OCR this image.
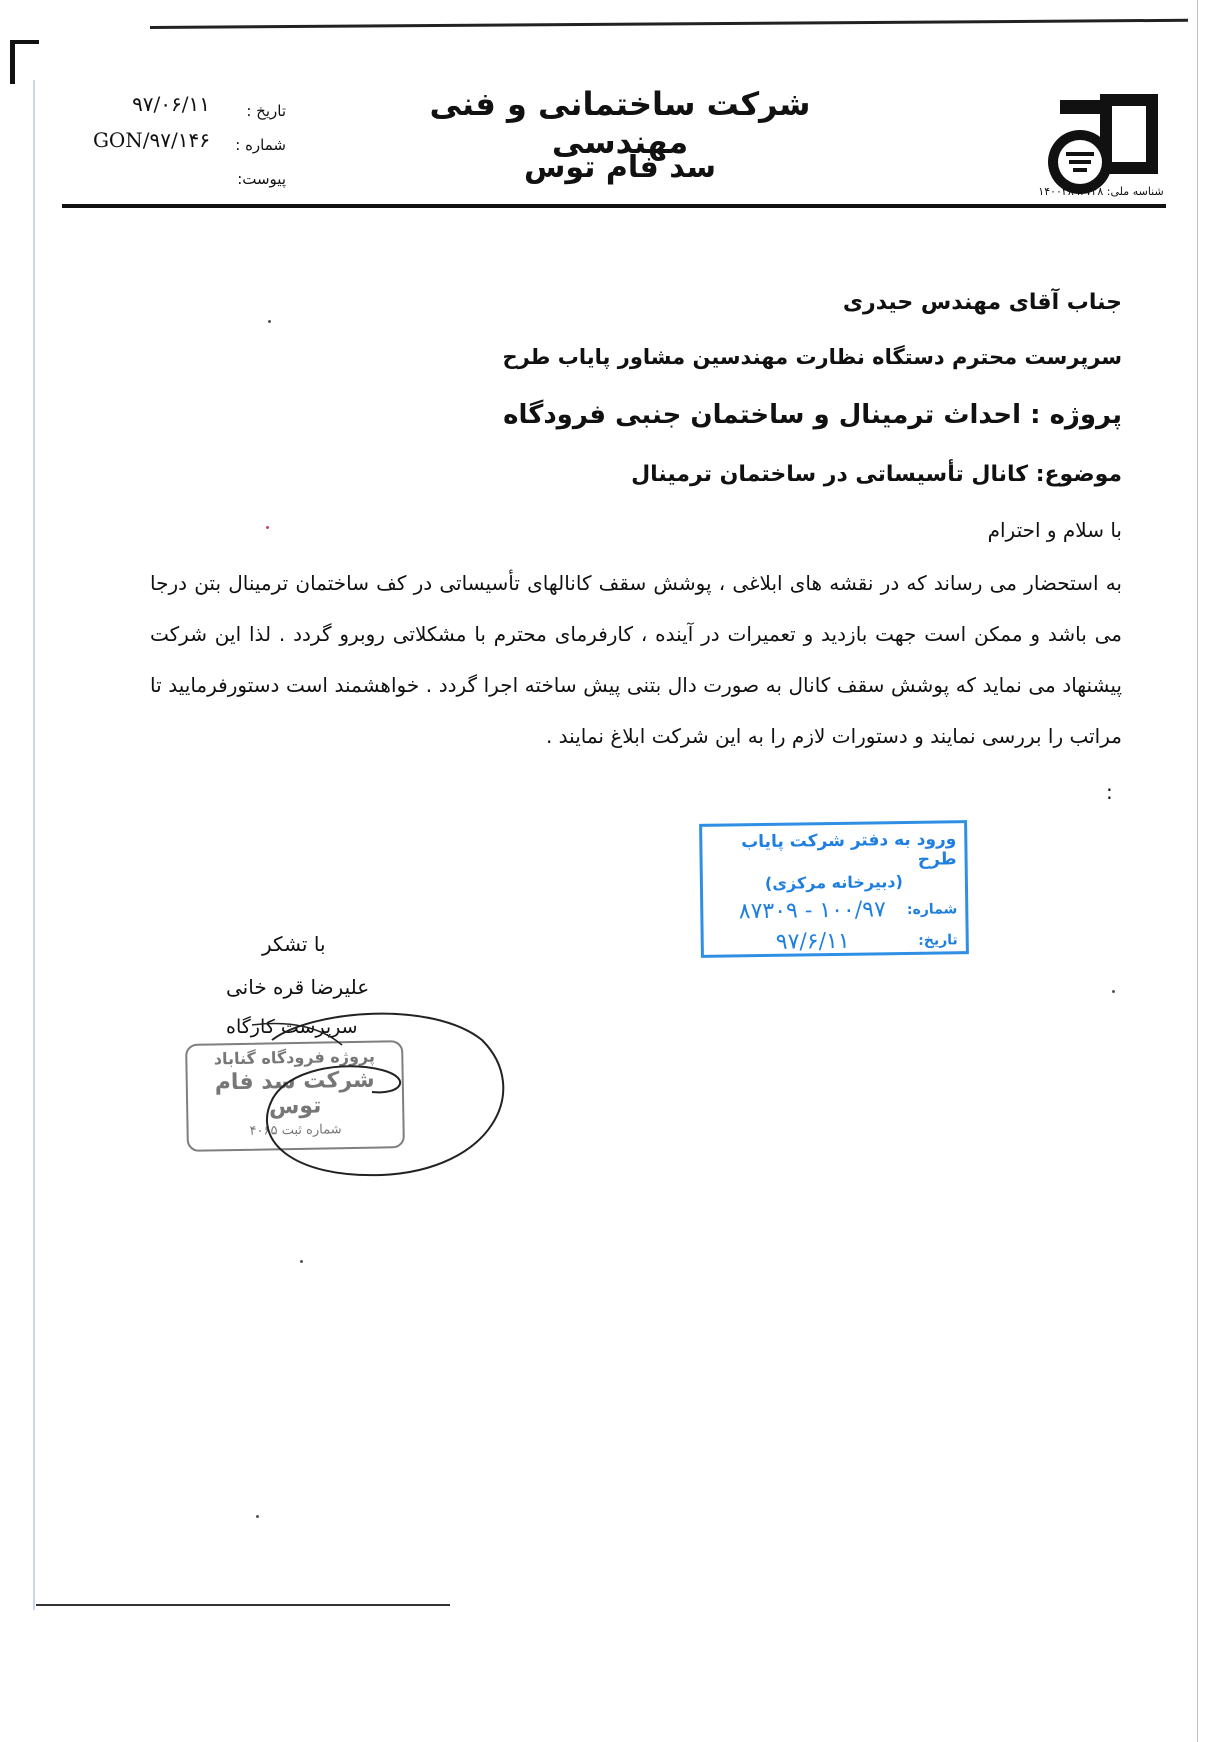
شناسه ملی: ۱۴۰۰۳۸۹۲۷۲۸
شرکت ساختمانی و فنی مهندسی
سد فام توس
تاریخ :
شماره :
پیوست:
۹۷/۰۶/۱۱
GON/۹۷/۱۴۶
جناب آقای مهندس حیدری
سرپرست محترم دستگاه نظارت مهندسین مشاور پایاب طرح
پروژه : احداث ترمینال و ساختمان جنبی فرودگاه
موضوع: کانال تأسیساتی در ساختمان ترمینال
با سلام و احترام
به استحضار می رساند که در نقشه های ابلاغی ، پوشش سقف کانالهای تأسیساتی در کف ساختمان ترمینال بتن درجا می باشد و ممکن است جهت بازدید و تعمیرات در آینده ، کارفرمای محترم با مشکلاتی روبرو گردد . لذا این شرکت پیشنهاد می نماید که پوشش سقف کانال به صورت دال بتنی پیش ساخته اجرا گردد . خواهشمند است دستورفرمایید تا مراتب را بررسی نمایند و دستورات لازم را به این شرکت ابلاغ نمایند .
:
ورود به دفتر شرکت پایاب طرح
(دبیرخانه مرکزی)
شماره:
۱۰۰/۹۷ - ۸۷۳۰۹
تاریخ:
۹۷/۶/۱۱
با تشکر
علیرضا قره خانی
سرپرست کارگاه
پروژه فرودگاه گناباد
شرکت سد فام توس
شماره ثبت ۴۰۶۵
